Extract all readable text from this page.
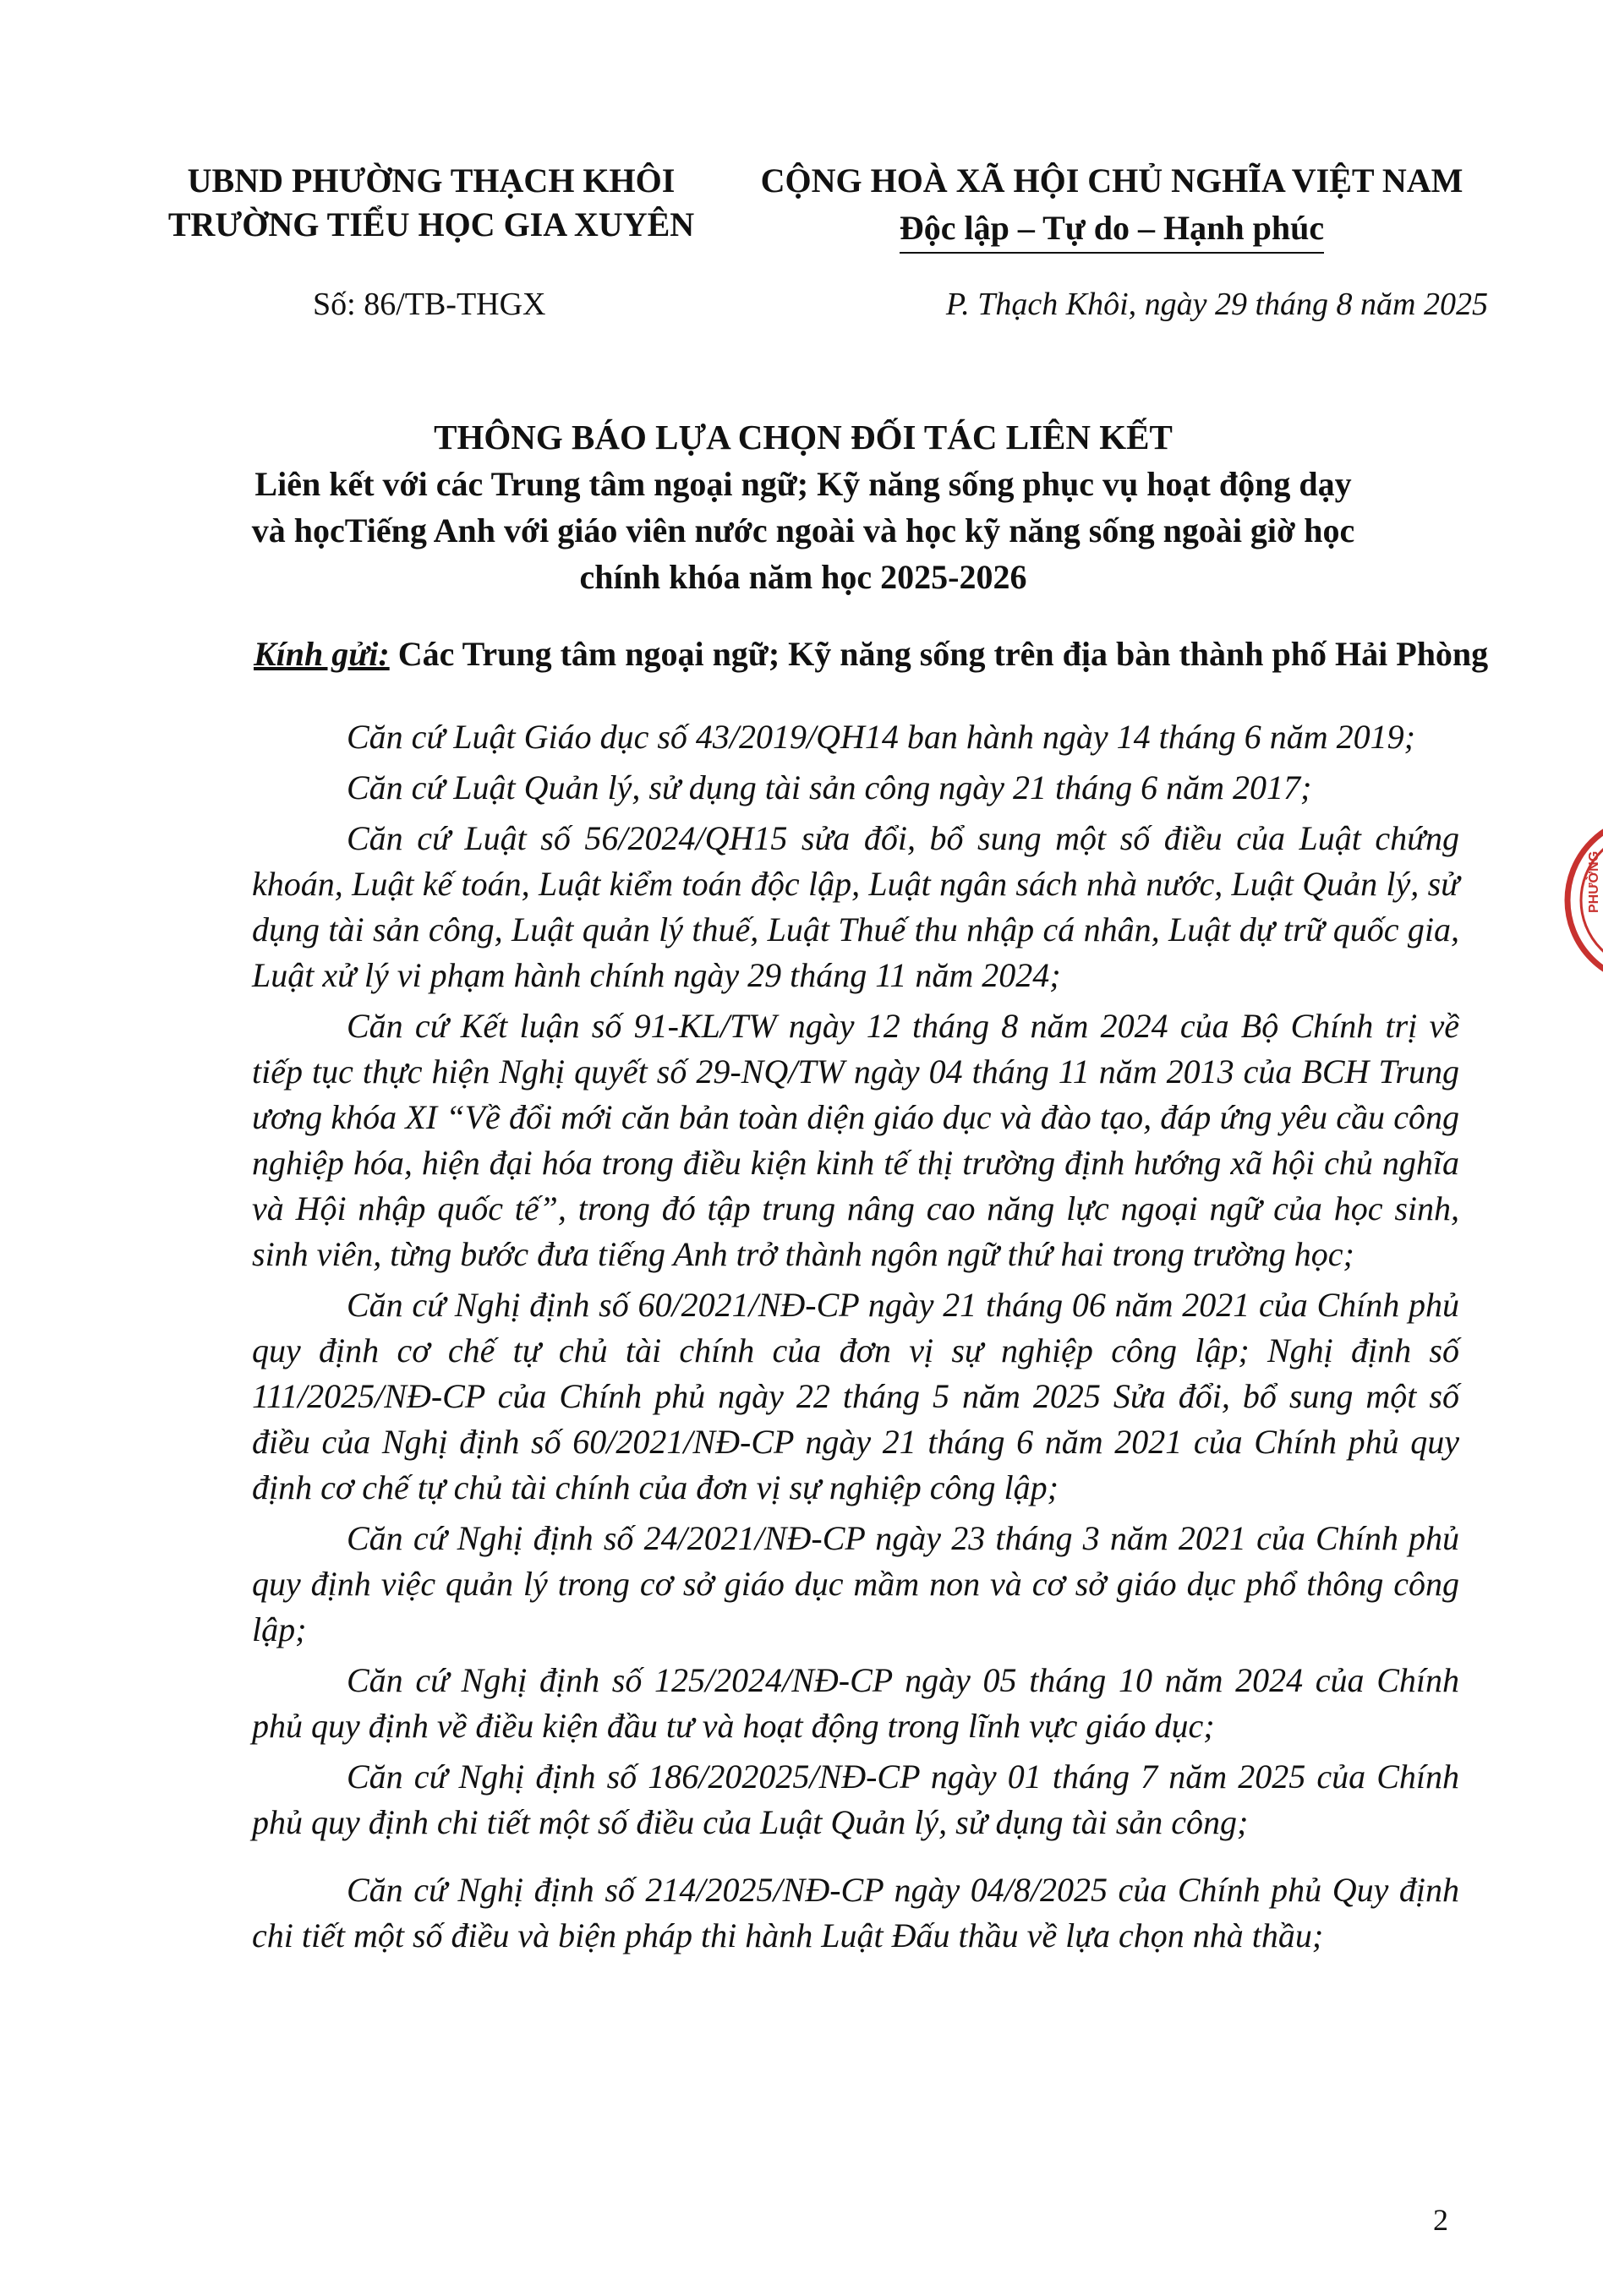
UBND PHƯỜNG THẠCH KHÔI
TRƯỜNG TIỂU HỌC GIA XUYÊN
CỘNG HOÀ XÃ HỘI CHỦ NGHĨA VIỆT NAM
Độc lập – Tự do – Hạnh phúc
Số: 86/TB-THGX	P. Thạch Khôi, ngày 29 tháng 8 năm 2025
THÔNG BÁO LỰA CHỌN ĐỐI TÁC LIÊN KẾT
Liên kết với các Trung tâm ngoại ngữ; Kỹ năng sống phục vụ hoạt động dạy
và họcTiếng Anh với giáo viên nước ngoài và học kỹ năng sống ngoài giờ học
chính khóa năm học 2025-2026
Kính gửi: Các Trung tâm ngoại ngữ; Kỹ năng sống trên địa bàn thành phố Hải Phòng

Căn cứ Luật Giáo dục số 43/2019/QH14 ban hành ngày 14 tháng 6 năm 2019;

Căn cứ Luật Quản lý, sử dụng tài sản công ngày 21 tháng 6 năm 2017;

Căn cứ Luật số 56/2024/QH15 sửa đổi, bổ sung một số điều của Luật chứng khoán, Luật kế toán, Luật kiểm toán độc lập, Luật ngân sách nhà nước, Luật Quản lý, sử dụng tài sản công, Luật quản lý thuế, Luật Thuế thu nhập cá nhân, Luật dự trữ quốc gia, Luật xử lý vi phạm hành chính ngày 29 tháng 11 năm 2024;

Căn cứ Kết luận số 91-KL/TW ngày 12 tháng 8 năm 2024 của Bộ Chính trị về tiếp tục thực hiện Nghị quyết số 29-NQ/TW ngày 04 tháng 11 năm 2013 của BCH Trung ương khóa XI “Về đổi mới căn bản toàn diện giáo dục và đào tạo, đáp ứng yêu cầu công nghiệp hóa, hiện đại hóa trong điều kiện kinh tế thị trường định hướng xã hội chủ nghĩa và Hội nhập quốc tế”, trong đó tập trung nâng cao năng lực ngoại ngữ của học sinh, sinh viên, từng bước đưa tiếng Anh trở thành ngôn ngữ thứ hai trong trường học;

Căn cứ Nghị định số 60/2021/NĐ-CP ngày 21 tháng 06 năm 2021 của Chính phủ quy định cơ chế tự chủ tài chính của đơn vị sự nghiệp công lập; Nghị định số 111/2025/NĐ-CP của Chính phủ ngày 22 tháng 5 năm 2025 Sửa đổi, bổ sung một số điều của Nghị định số 60/2021/NĐ-CP ngày 21 tháng 6 năm 2021 của Chính phủ quy định cơ chế tự chủ tài chính của đơn vị sự nghiệp công lập;

Căn cứ Nghị định số 24/2021/NĐ-CP ngày 23 tháng 3 năm 2021 của Chính phủ quy định việc quản lý trong cơ sở giáo dục mầm non và cơ sở giáo dục phổ thông công lập;

Căn cứ Nghị định số 125/2024/NĐ-CP ngày 05 tháng 10 năm 2024 của Chính phủ quy định về điều kiện đầu tư và hoạt động trong lĩnh vực giáo dục;

Căn cứ Nghị định số 186/202025/NĐ-CP ngày 01 tháng 7 năm 2025 của Chính phủ quy định chi tiết một số điều của Luật Quản lý, sử dụng tài sản công;

Căn cứ Nghị định số 214/2025/NĐ-CP ngày 04/8/2025 của Chính phủ Quy định chi tiết một số điều và biện pháp thi hành Luật Đấu thầu về lựa chọn nhà thầu;

PHƯỜNG
2
